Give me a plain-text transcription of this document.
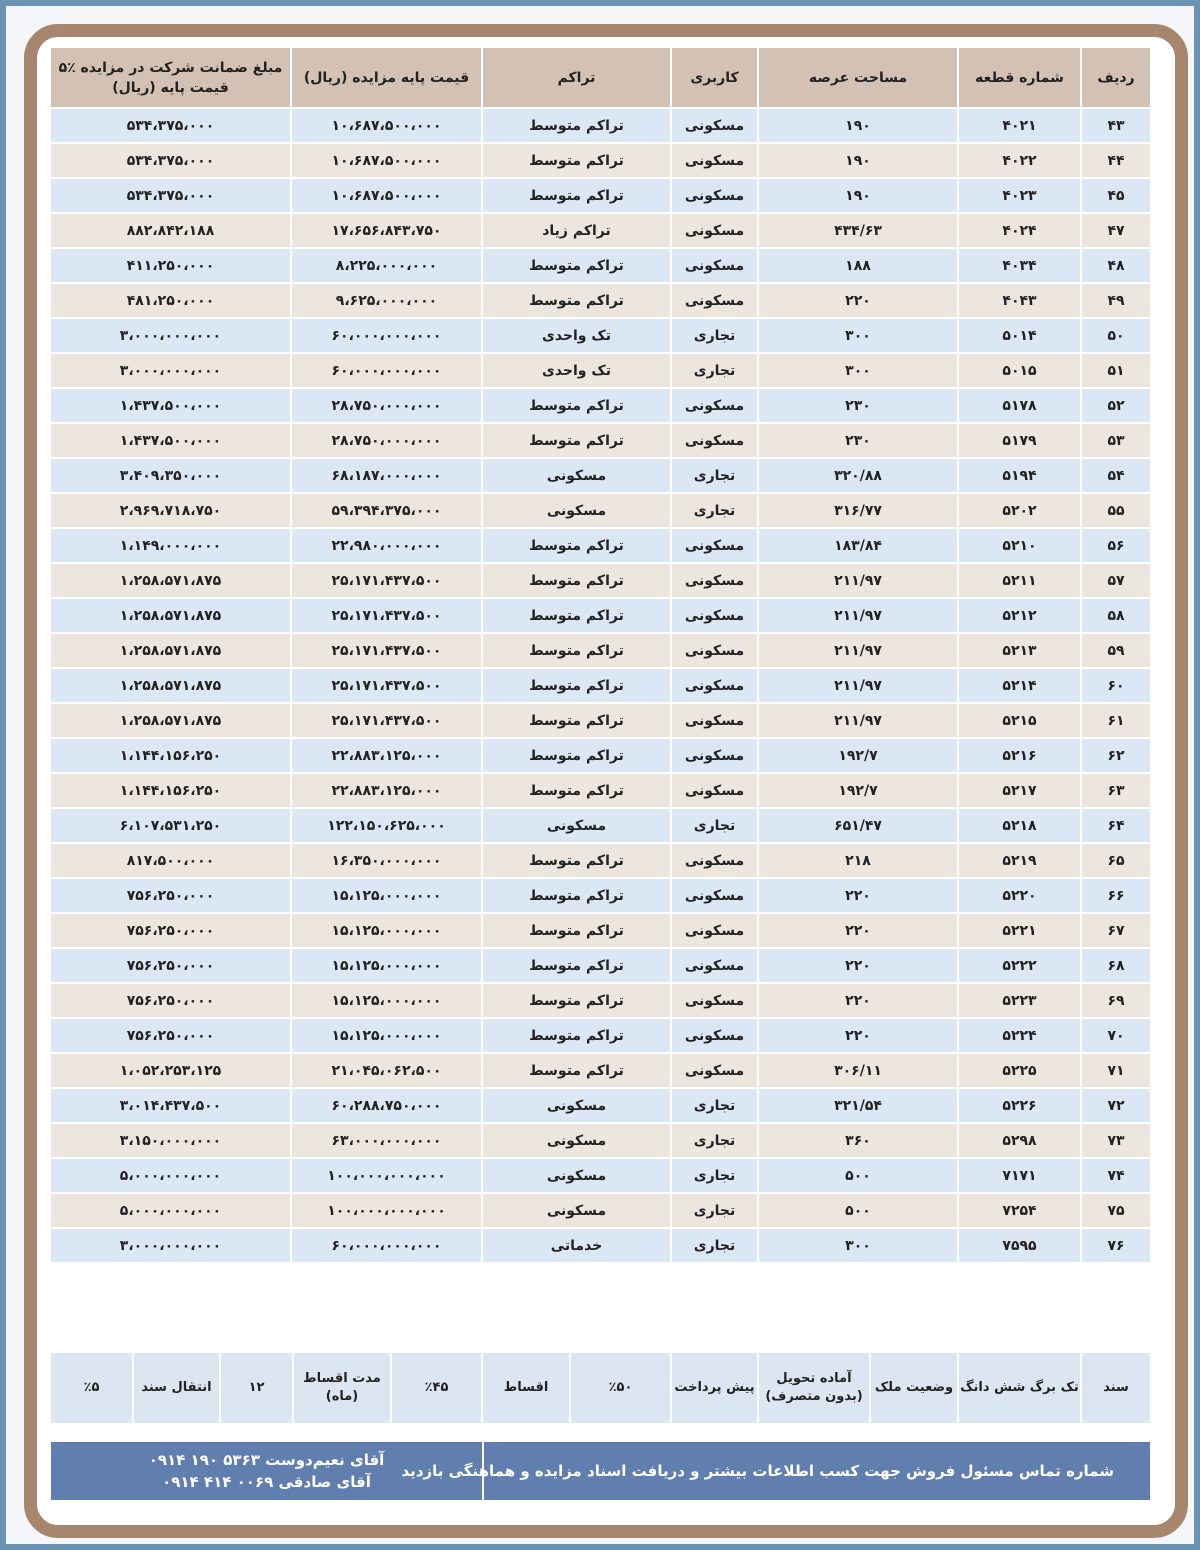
ردیف	شماره قطعه	مساحت عرصه	کاربری	تراکم	قیمت پایه مزایده (ریال)	مبلغ ضمانت شرکت در مزایده ٪۵ قیمت پایه (ریال)
۴۳	۴۰۲۱	۱۹۰	مسکونی	تراکم متوسط	۱۰،۶۸۷،۵۰۰،۰۰۰	۵۳۴،۳۷۵،۰۰۰
۴۴	۴۰۲۲	۱۹۰	مسکونی	تراکم متوسط	۱۰،۶۸۷،۵۰۰،۰۰۰	۵۳۴،۳۷۵،۰۰۰
۴۵	۴۰۲۳	۱۹۰	مسکونی	تراکم متوسط	۱۰،۶۸۷،۵۰۰،۰۰۰	۵۳۴،۳۷۵،۰۰۰
۴۷	۴۰۲۴	۴۳۴/۶۳	مسکونی	تراکم زیاد	۱۷،۶۵۶،۸۴۳،۷۵۰	۸۸۲،۸۴۲،۱۸۸
۴۸	۴۰۳۴	۱۸۸	مسکونی	تراکم متوسط	۸،۲۲۵،۰۰۰،۰۰۰	۴۱۱،۲۵۰،۰۰۰
۴۹	۴۰۴۳	۲۲۰	مسکونی	تراکم متوسط	۹،۶۲۵،۰۰۰،۰۰۰	۴۸۱،۲۵۰،۰۰۰
۵۰	۵۰۱۴	۳۰۰	تجاری	تک واحدی	۶۰،۰۰۰،۰۰۰،۰۰۰	۳،۰۰۰،۰۰۰،۰۰۰
۵۱	۵۰۱۵	۳۰۰	تجاری	تک واحدی	۶۰،۰۰۰،۰۰۰،۰۰۰	۳،۰۰۰،۰۰۰،۰۰۰
۵۲	۵۱۷۸	۲۳۰	مسکونی	تراکم متوسط	۲۸،۷۵۰،۰۰۰،۰۰۰	۱،۴۳۷،۵۰۰،۰۰۰
۵۳	۵۱۷۹	۲۳۰	مسکونی	تراکم متوسط	۲۸،۷۵۰،۰۰۰،۰۰۰	۱،۴۳۷،۵۰۰،۰۰۰
۵۴	۵۱۹۴	۳۲۰/۸۸	تجاری	مسکونی	۶۸،۱۸۷،۰۰۰،۰۰۰	۳،۴۰۹،۳۵۰،۰۰۰
۵۵	۵۲۰۲	۳۱۶/۷۷	تجاری	مسکونی	۵۹،۳۹۴،۳۷۵،۰۰۰	۲،۹۶۹،۷۱۸،۷۵۰
۵۶	۵۲۱۰	۱۸۳/۸۴	مسکونی	تراکم متوسط	۲۲،۹۸۰،۰۰۰،۰۰۰	۱،۱۴۹،۰۰۰،۰۰۰
۵۷	۵۲۱۱	۲۱۱/۹۷	مسکونی	تراکم متوسط	۲۵،۱۷۱،۴۳۷،۵۰۰	۱،۲۵۸،۵۷۱،۸۷۵
۵۸	۵۲۱۲	۲۱۱/۹۷	مسکونی	تراکم متوسط	۲۵،۱۷۱،۴۳۷،۵۰۰	۱،۲۵۸،۵۷۱،۸۷۵
۵۹	۵۲۱۳	۲۱۱/۹۷	مسکونی	تراکم متوسط	۲۵،۱۷۱،۴۳۷،۵۰۰	۱،۲۵۸،۵۷۱،۸۷۵
۶۰	۵۲۱۴	۲۱۱/۹۷	مسکونی	تراکم متوسط	۲۵،۱۷۱،۴۳۷،۵۰۰	۱،۲۵۸،۵۷۱،۸۷۵
۶۱	۵۲۱۵	۲۱۱/۹۷	مسکونی	تراکم متوسط	۲۵،۱۷۱،۴۳۷،۵۰۰	۱،۲۵۸،۵۷۱،۸۷۵
۶۲	۵۲۱۶	۱۹۲/۷	مسکونی	تراکم متوسط	۲۲،۸۸۳،۱۲۵،۰۰۰	۱،۱۴۴،۱۵۶،۲۵۰
۶۳	۵۲۱۷	۱۹۲/۷	مسکونی	تراکم متوسط	۲۲،۸۸۳،۱۲۵،۰۰۰	۱،۱۴۴،۱۵۶،۲۵۰
۶۴	۵۲۱۸	۶۵۱/۴۷	تجاری	مسکونی	۱۲۲،۱۵۰،۶۲۵،۰۰۰	۶،۱۰۷،۵۳۱،۲۵۰
۶۵	۵۲۱۹	۲۱۸	مسکونی	تراکم متوسط	۱۶،۳۵۰،۰۰۰،۰۰۰	۸۱۷،۵۰۰،۰۰۰
۶۶	۵۲۲۰	۲۲۰	مسکونی	تراکم متوسط	۱۵،۱۲۵،۰۰۰،۰۰۰	۷۵۶،۲۵۰،۰۰۰
۶۷	۵۲۲۱	۲۲۰	مسکونی	تراکم متوسط	۱۵،۱۲۵،۰۰۰،۰۰۰	۷۵۶،۲۵۰،۰۰۰
۶۸	۵۲۲۲	۲۲۰	مسکونی	تراکم متوسط	۱۵،۱۲۵،۰۰۰،۰۰۰	۷۵۶،۲۵۰،۰۰۰
۶۹	۵۲۲۳	۲۲۰	مسکونی	تراکم متوسط	۱۵،۱۲۵،۰۰۰،۰۰۰	۷۵۶،۲۵۰،۰۰۰
۷۰	۵۲۲۴	۲۲۰	مسکونی	تراکم متوسط	۱۵،۱۲۵،۰۰۰،۰۰۰	۷۵۶،۲۵۰،۰۰۰
۷۱	۵۲۲۵	۳۰۶/۱۱	مسکونی	تراکم متوسط	۲۱،۰۴۵،۰۶۲،۵۰۰	۱،۰۵۲،۲۵۳،۱۲۵
۷۲	۵۲۲۶	۳۲۱/۵۴	تجاری	مسکونی	۶۰،۲۸۸،۷۵۰،۰۰۰	۳،۰۱۴،۴۳۷،۵۰۰
۷۳	۵۲۹۸	۳۶۰	تجاری	مسکونی	۶۳،۰۰۰،۰۰۰،۰۰۰	۳،۱۵۰،۰۰۰،۰۰۰
۷۴	۷۱۷۱	۵۰۰	تجاری	مسکونی	۱۰۰،۰۰۰،۰۰۰،۰۰۰	۵،۰۰۰،۰۰۰،۰۰۰
۷۵	۷۲۵۴	۵۰۰	تجاری	مسکونی	۱۰۰،۰۰۰،۰۰۰،۰۰۰	۵،۰۰۰،۰۰۰،۰۰۰
۷۶	۷۵۹۵	۳۰۰	تجاری	خدماتی	۶۰،۰۰۰،۰۰۰،۰۰۰	۳،۰۰۰،۰۰۰،۰۰۰
سند	تک برگ شش دانگ	وضعیت ملک	آماده تحویل (بدون متصرف)	پیش پرداخت	٪۵۰	اقساط	٪۴۵	مدت اقساط (ماه)	۱۲	انتقال سند	٪۵
شماره تماس مسئول فروش جهت کسب اطلاعات بیشتر و دریافت اسناد مزایده و هماهنگی بازدید	
آقای نعیم‌دوست ۵۳۶۳ ۱۹۰ ۰۹۱۴
آقای صادقی ۰۰۶۹ ۴۱۴ ۰۹۱۴
